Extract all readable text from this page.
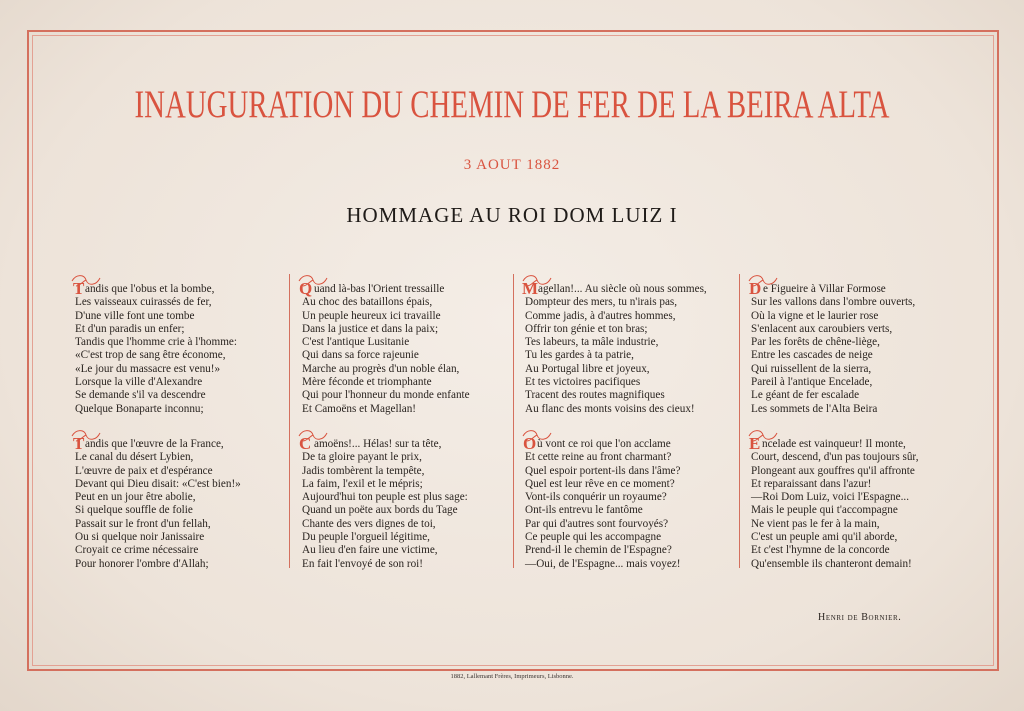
INAUGURATION DU CHEMIN DE FER DE LA BEIRA ALTA
3 AOUT 1882
HOMMAGE AU ROI DOM LUIZ I
T andis que l'obus et la bombe,
Les vaisseaux cuirassés de fer,
D'une ville font une tombe
Et d'un paradis un enfer;
Tandis que l'homme crie à l'homme:
«C'est trop de sang être économe,
«Le jour du massacre est venu!»
Lorsque la ville d'Alexandre
Se demande s'il va descendre
Quelque Bonaparte inconnu;
T andis que l'œuvre de la France,
Le canal du désert Lybien,
L'œuvre de paix et d'espérance
Devant qui Dieu disait: «C'est bien!»
Peut en un jour être abolie,
Si quelque souffle de folie
Passait sur le front d'un fellah,
Ou si quelque noir Janissaire
Croyait ce crime nécessaire
Pour honorer l'ombre d'Allah;
Q uand là-bas l'Orient tressaille
Au choc des bataillons épais,
Un peuple heureux ici travaille
Dans la justice et dans la paix;
C'est l'antique Lusitanie
Qui dans sa force rajeunie
Marche au progrès d'un noble élan,
Mère féconde et triomphante
Qui pour l'honneur du monde enfante
Et Camoëns et Magellan!
C amoëns!... Hélas! sur ta tête,
De ta gloire payant le prix,
Jadis tombèrent la tempête,
La faim, l'exil et le mépris;
Aujourd'hui ton peuple est plus sage:
Quand un poëte aux bords du Tage
Chante des vers dignes de toi,
Du peuple l'orgueil légitime,
Au lieu d'en faire une victime,
En fait l'envoyé de son roi!
M agellan!... Au siècle où nous sommes,
Dompteur des mers, tu n'irais pas,
Comme jadis, à d'autres hommes,
Offrir ton génie et ton bras;
Tes labeurs, ta mâle industrie,
Tu les gardes à ta patrie,
Au Portugal libre et joyeux,
Et tes victoires pacifiques
Tracent des routes magnifiques
Au flanc des monts voisins des cieux!
O ù vont ce roi que l'on acclame
Et cette reine au front charmant?
Quel espoir portent-ils dans l'âme?
Quel est leur rêve en ce moment?
Vont-ils conquérir un royaume?
Ont-ils entrevu le fantôme
Par qui d'autres sont fourvoyés?
Ce peuple qui les accompagne
Prend-il le chemin de l'Espagne?
—Oui, de l'Espagne... mais voyez!
D e Figueire à Villar Formose
Sur les vallons dans l'ombre ouverts,
Où la vigne et le laurier rose
S'enlacent aux caroubiers verts,
Par les forêts de chêne-liège,
Entre les cascades de neige
Qui ruissellent de la sierra,
Pareil à l'antique Encelade,
Le géant de fer escalade
Les sommets de l'Alta Beira
E ncelade est vainqueur! Il monte,
Court, descend, d'un pas toujours sûr,
Plongeant aux gouffres qu'il affronte
Et reparaissant dans l'azur!
—Roi Dom Luiz, voici l'Espagne...
Mais le peuple qui t'accompagne
Ne vient pas le fer à la main,
C'est un peuple ami qu'il aborde,
Et c'est l'hymne de la concorde
Qu'ensemble ils chanteront demain!
Henri de Bornier.
1882, Lallemant Frères, Imprimeurs, Lisbonne.
